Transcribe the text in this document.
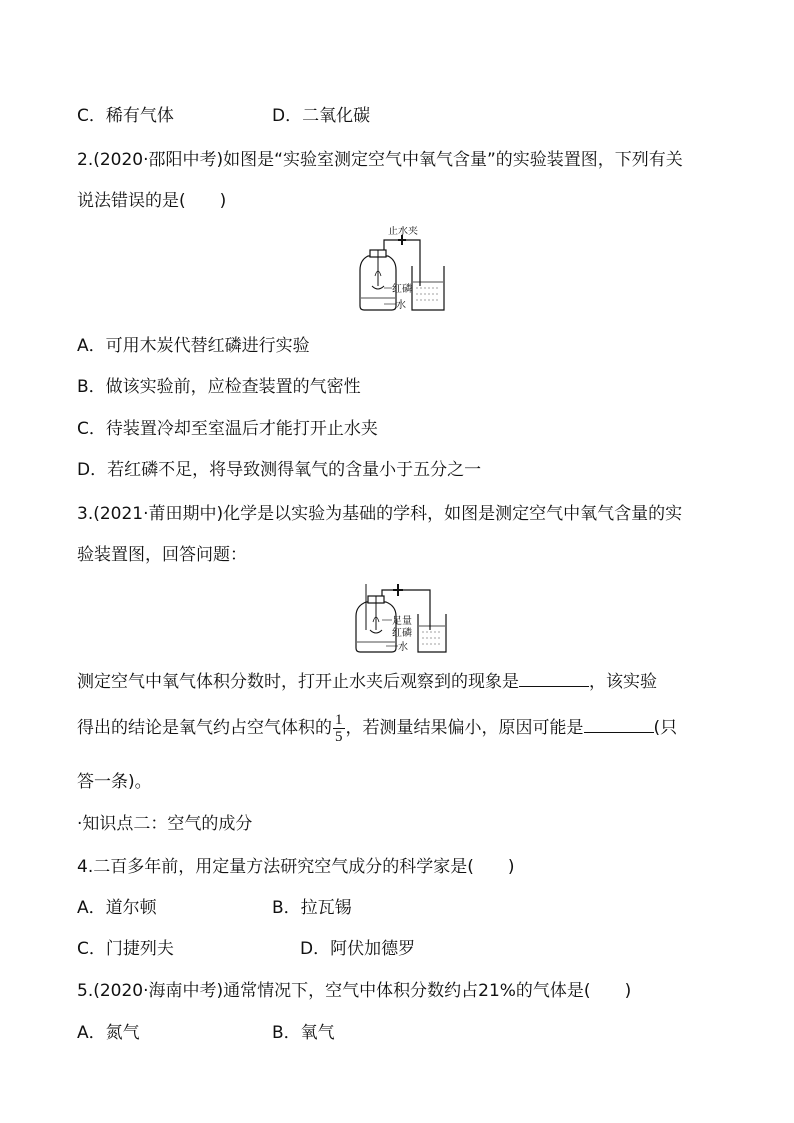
C．稀有气体	D．二氧化碳
2.(2020·邵阳中考)如图是“实验室测定空气中氧气含量”的实验装置图，下列有关
说法错误的是(　　)
止水夹
红磷
水
A．可用木炭代替红磷进行实验
B．做该实验前，应检查装置的气密性
C．待装置冷却至室温后才能打开止水夹
D．若红磷不足，将导致测得氧气的含量小于五分之一
3.(2021·莆田期中)化学是以实验为基础的学科，如图是测定空气中氧气含量的实
验装置图，回答问题：
足量
红磷
水
测定空气中氧气体积分数时，打开止水夹后观察到的现象是	，该实验
得出的结论是氧气约占空气体积的 $\frac{1}{5}$ ，若测量结果偏小，原因可能是	(只
答一条)。
·知识点二：空气的成分
4.二百多年前，用定量方法研究空气成分的科学家是(　　)
A．道尔顿	B．拉瓦锡
C．门捷列夫	D．阿伏加德罗
5.(2020·海南中考)通常情况下，空气中体积分数约占21%的气体是(　　)
A．氮气	B．氧气
